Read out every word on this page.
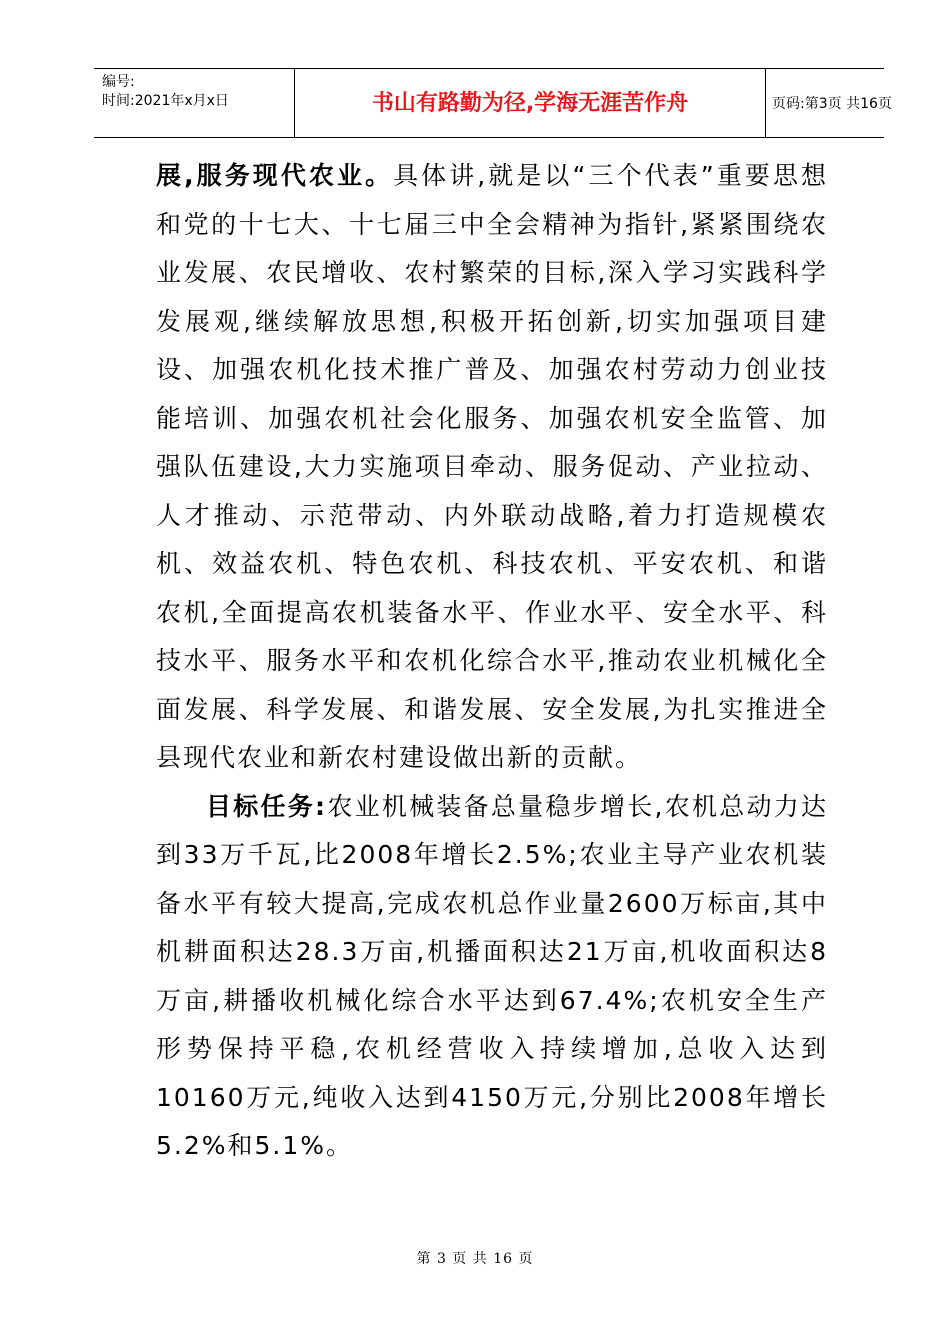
编号:
时间:2021年x月x日	书山有路勤为径,学海无涯苦作舟	页码:第3页 共16页

展,服务现代农业。具体讲,就是以“三个代表”重要思想和党的十七大、十七届三中全会精神为指针,紧紧围绕农业发展、农民增收、农村繁荣的目标,深入学习实践科学发展观,继续解放思想,积极开拓创新,切实加强项目建设、加强农机化技术推广普及、加强农村劳动力创业技能培训、加强农机社会化服务、加强农机安全监管、加强队伍建设,大力实施项目牵动、服务促动、产业拉动、人才推动、示范带动、内外联动战略,着力打造规模农机、效益农机、特色农机、科技农机、平安农机、和谐农机,全面提高农机装备水平、作业水平、安全水平、科技水平、服务水平和农机化综合水平,推动农业机械化全面发展、科学发展、和谐发展、安全发展,为扎实推进全县现代农业和新农村建设做出新的贡献。

目标任务:农业机械装备总量稳步增长,农机总动力达到33万千瓦,比2008年增长2.5%;农业主导产业农机装备水平有较大提高,完成农机总作业量2600万标亩,其中机耕面积达28.3万亩,机播面积达21万亩,机收面积达8万亩,耕播收机械化综合水平达到67.4%;农机安全生产形势保持平稳,农机经营收入持续增加,总收入达到10160万元,纯收入达到4150万元,分别比2008年增长5.2%和5.1%。

第 3 页 共 16 页
